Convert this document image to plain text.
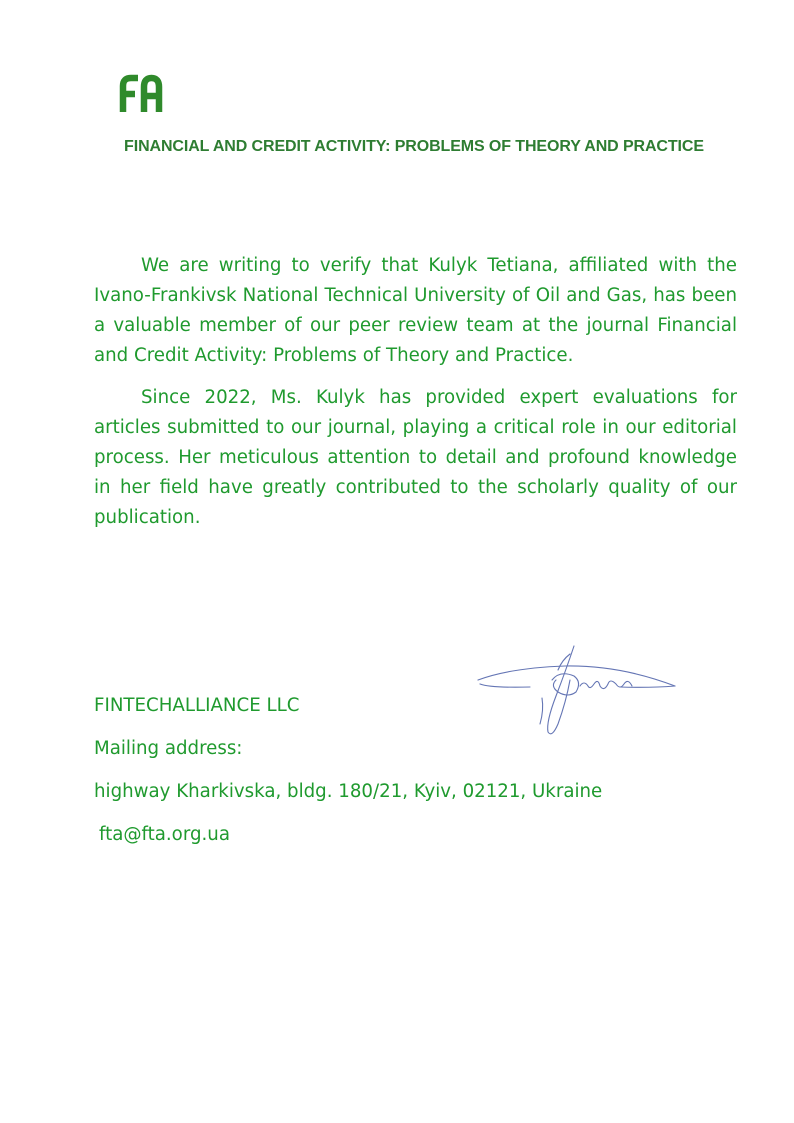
FINANCIAL AND CREDIT ACTIVITY: PROBLEMS OF THEORY AND PRACTICE

We are writing to verify that Kulyk Tetiana, affiliated with the Ivano-Frankivsk National Technical University of Oil and Gas, has been a valuable member of our peer review team at the journal Financial and Credit Activity: Problems of Theory and Practice.

Since 2022, Ms. Kulyk has provided expert evaluations for articles submitted to our journal, playing a critical role in our editorial process. Her meticulous attention to detail and profound knowledge in her field have greatly contributed to the scholarly quality of our publication.

FINTECHALLIANCE LLC
Mailing address:
highway Kharkivska, bldg. 180/21, Kyiv, 02121, Ukraine
fta@fta.org.ua
